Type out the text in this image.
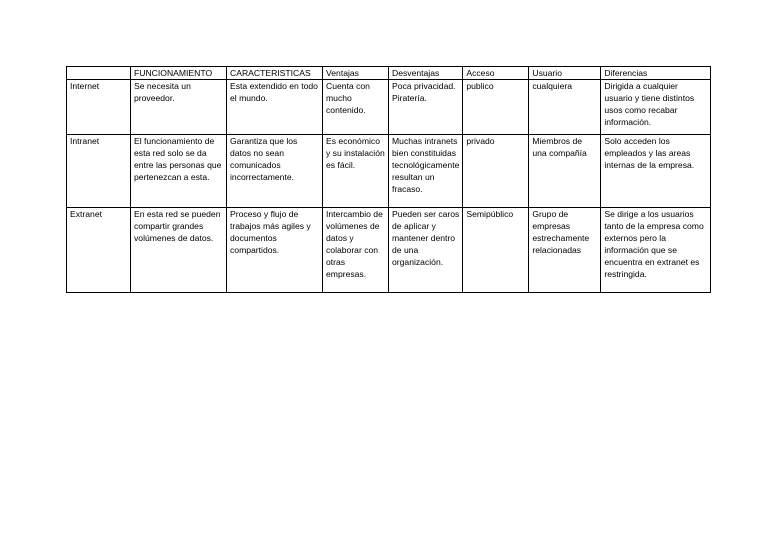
	FUNCIONAMIENTO	CARACTERISTICAS	Ventajas	Desventajas	Acceso	Usuario	Diferencias
Internet	Se necesita un proveedor.	Esta extendido en todo el mundo.	Cuenta con mucho contenido.	Poca privacidad. Piratería.	publico	cualquiera	Dirigida a cualquier usuario y tiene distintos usos como recabar información.
Intranet	El funcionamiento de esta red solo se da entre las personas que pertenezcan a esta.	Garantiza que los datos no sean comunicados incorrectamente.	Es económico y su instalación es fácil.	Muchas intranets bien constituidas tecnológicamente resultan un fracaso.	privado	Miembros de una compañía	Solo acceden los empleados y las areas internas de la empresa.
Extranet	En esta red se pueden compartir grandes volúmenes de datos.	Proceso y flujo de trabajos más agiles y documentos compartidos.	Intercambio de volúmenes de datos y colaborar con otras empresas.	Pueden ser caros de aplicar y mantener dentro de una organización.	Semipúblico	Grupo de empresas estrechamente relacionadas	Se dirige a los usuarios tanto de la empresa como externos pero la información que se encuentra en extranet es restringida.
